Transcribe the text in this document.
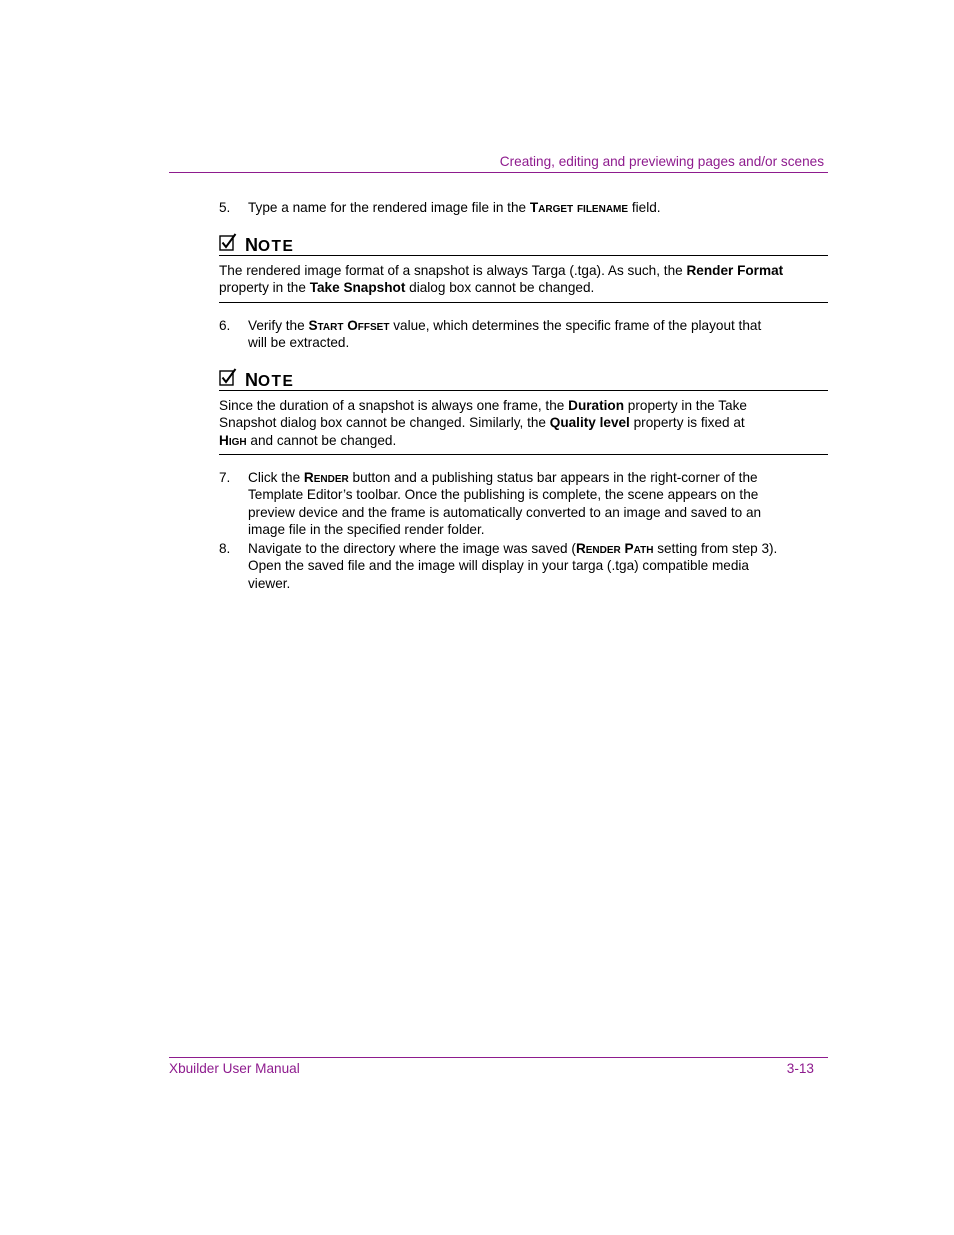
Creating, editing and previewing pages and/or scenes
5.	Type a name for the rendered image file in the Target filename field.
NOTE
The rendered image format of a snapshot is always Targa (.tga). As such, the Render Format property in the Take Snapshot dialog box cannot be changed.
6.	Verify the Start Offset value, which determines the specific frame of the playout that will be extracted.
NOTE
Since the duration of a snapshot is always one frame, the Duration property in the Take Snapshot dialog box cannot be changed. Similarly, the Quality level property is fixed at High and cannot be changed.
7.	Click the Render button and a publishing status bar appears in the right-corner of the Template Editor’s toolbar. Once the publishing is complete, the scene appears on the preview device and the frame is automatically converted to an image and saved to an image file in the specified render folder.
8.	Navigate to the directory where the image was saved (Render Path setting from step 3). Open the saved file and the image will display in your targa (.tga) compatible media viewer.
Xbuilder User Manual	3-13
